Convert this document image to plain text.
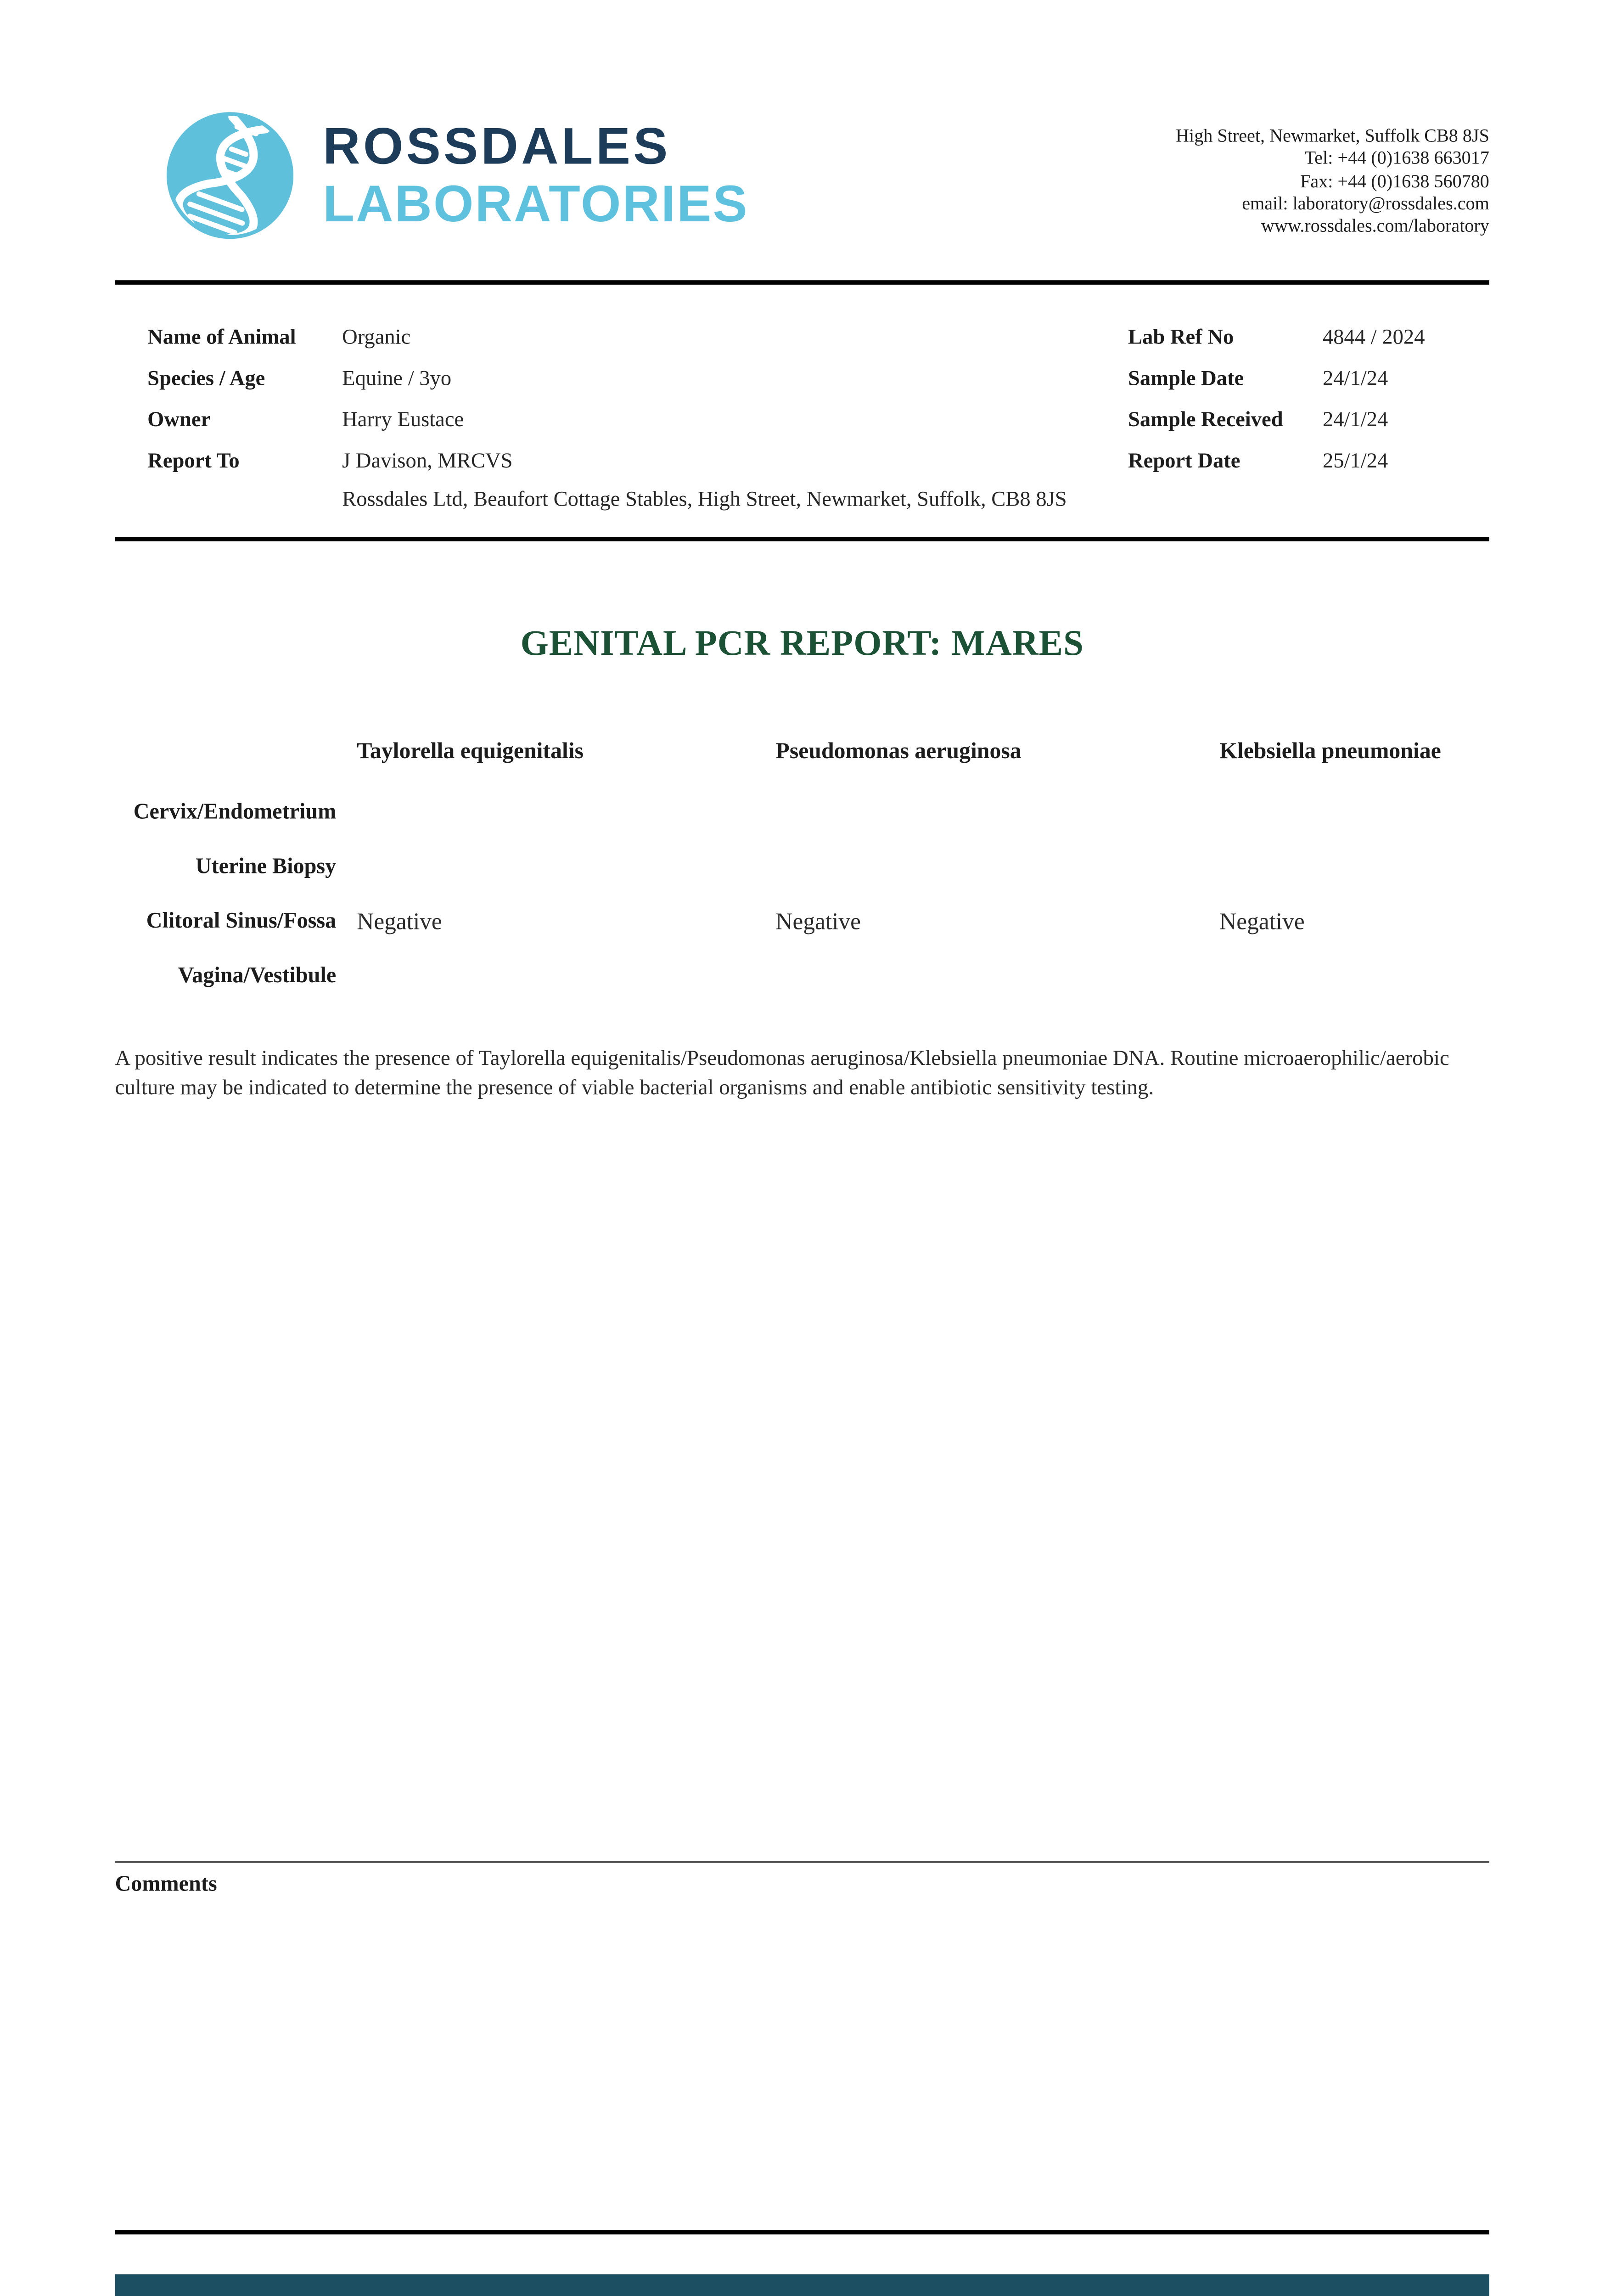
ROSSDALES
LABORATORIES
High Street, Newmarket, Suffolk CB8 8JS
Tel: +44 (0)1638 663017
Fax: +44 (0)1638 560780
email: laboratory@rossdales.com
www.rossdales.com/laboratory
Name of Animal	Organic
Species / Age	Equine / 3yo
Owner	Harry Eustace
Report To	J Davison, MRCVS
Rossdales Ltd, Beaufort Cottage Stables, High Street, Newmarket, Suffolk, CB8 8JS
Lab Ref No	4844 / 2024
Sample Date	24/1/24
Sample Received	24/1/24
Report Date	25/1/24
GENITAL PCR REPORT: MARES
Taylorella equigenitalis	Pseudomonas aeruginosa	Klebsiella pneumoniae
Cervix/Endometrium
Uterine Biopsy
Clitoral Sinus/Fossa	Negative	Negative	Negative
Vagina/Vestibule

A positive result indicates the presence of Taylorella equigenitalis/Pseudomonas aeruginosa/Klebsiella pneumoniae DNA. Routine microaerophilic/aerobic culture may be indicated to determine the presence of viable bacterial organisms and enable antibiotic sensitivity testing.

Comments
